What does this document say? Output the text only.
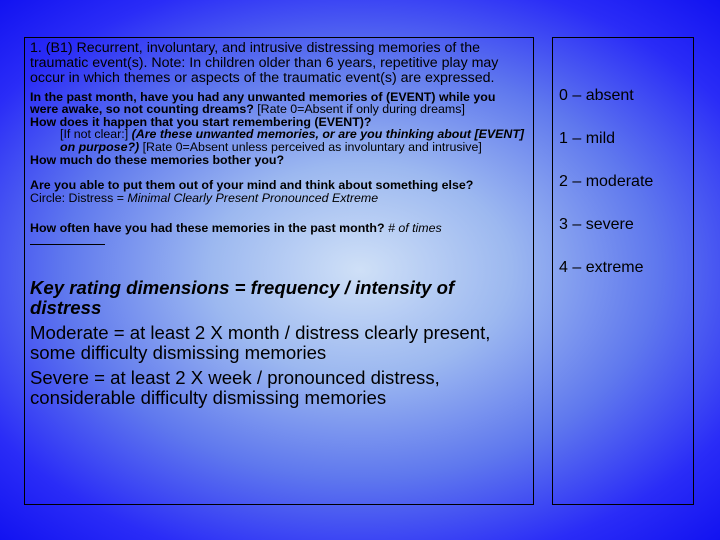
1. (B1) Recurrent, involuntary, and intrusive distressing memories of the traumatic event(s). Note: In children older than 6 years, repetitive play may occur in which themes or aspects of the traumatic event(s) are expressed.

In the past month, have you had any unwanted memories of (EVENT) while you were awake, so not counting dreams? [Rate 0=Absent if only during dreams]

How does it happen that you start remembering (EVENT)?

[If not clear:] (Are these unwanted memories, or are you thinking about [EVENT] on purpose?) [Rate 0=Absent unless perceived as involuntary and intrusive]

How much do these memories bother you?

Are you able to put them out of your mind and think about something else?

Circle: Distress = Minimal Clearly Present Pronounced Extreme

How often have you had these memories in the past month? # of times

Key rating dimensions = frequency / intensity of distress

Moderate = at least 2 X month / distress clearly present, some difficulty dismissing memories

Severe = at least 2 X week / pronounced distress, considerable difficulty dismissing memories

0 – absent

1 – mild

2 – moderate

3 – severe

4 – extreme
